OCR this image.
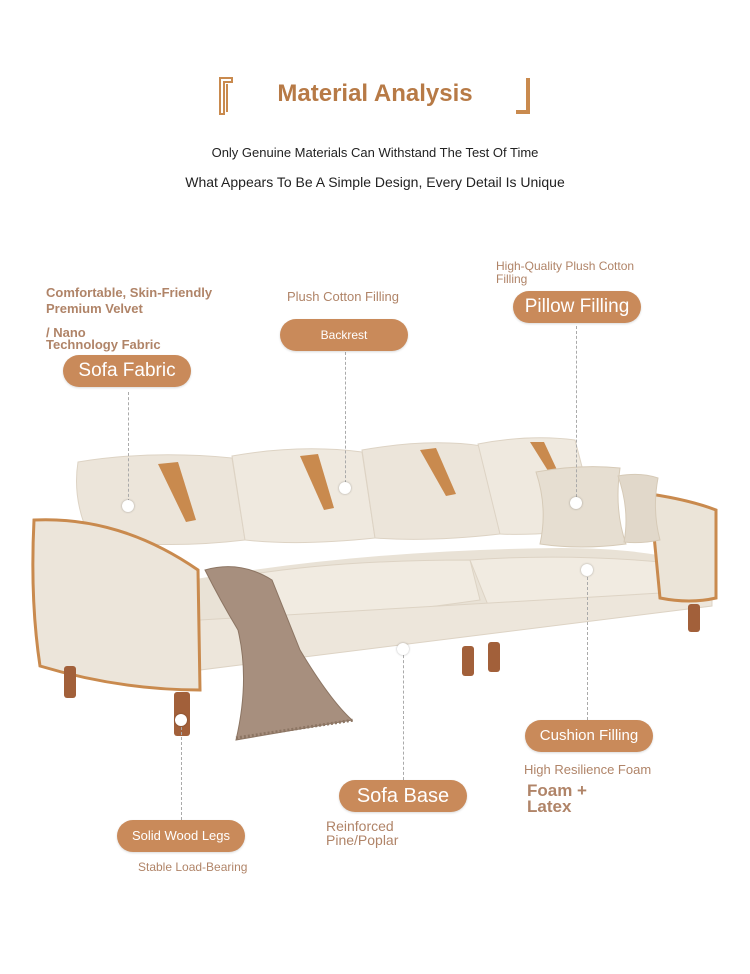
Material Analysis
Only Genuine Materials Can Withstand The Test Of Time
What Appears To Be A Simple Design, Every Detail Is Unique
Comfortable, Skin-Friendly
Premium Velvet
/ Nano
Technology Fabric
Sofa Fabric
Plush Cotton Filling
Backrest
High-Quality Plush Cotton
Filling
Pillow Filling
Cushion Filling
High Resilience Foam
Foam +
Latex
Sofa Base
Reinforced
Pine/Poplar
Solid Wood Legs
Stable Load-Bearing
